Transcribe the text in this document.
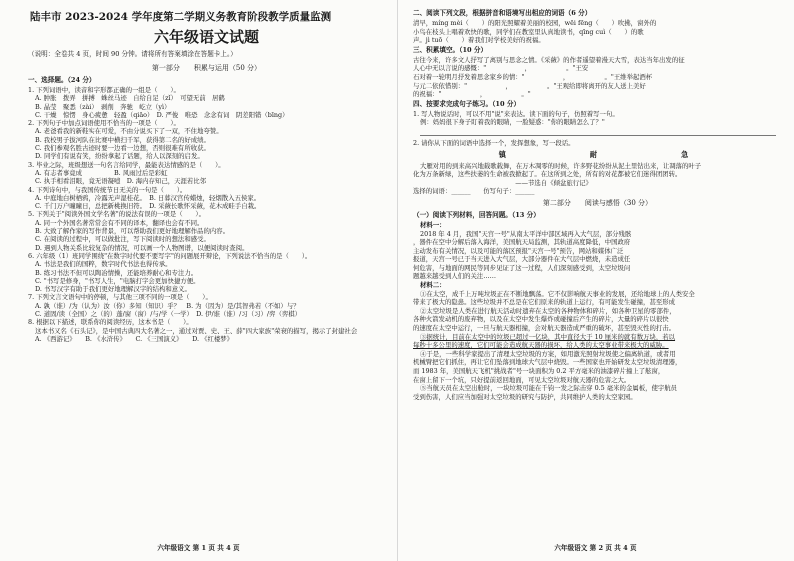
陆丰市 2023-2024 学年度第二学期义务教育阶段教学质量监测
六年级语文试题
（说明：全卷共 4 页，时间 90 分钟。请将所有答案填涂在答题卡上。）
第一部分　　积累与运用（50 分）
一、选择题。（24 分）
1. 下列词语中，读音和字形都正确的一组是（　　）。
A. 肿胀　拨弄　拼搏　蛛丝马迹　自给自足（zǐ）　可望无前　居鹤
B. 晶莹　聚悉（zài）　剥削　奔驰　屹立（yì）
C. 干燥　惊愣　身心疲惫　轻盈（qiāo）　D. 严俊　唯恐　念念有词　阴差阳错（bīng）
2. 下列句子中加点词语使用不恰当的一项是（　　）。
A. 老爸看我的新鞋实在可爱，不由分说买下了一双，不住地夸赞。
B. 我校男子拔河队在比赛中横扫千军，获得第二名的好成绩。
C. 我们参观名胜古迹时要一边看一边想，否则很难有所收获。
D. 同学们有说有笑，纷纷拿起了话题，给人以深刻的启发。
3. 毕业之际，班级想送一句名言给同学，最能表达情感的是（　　）。
A. 有志者事竟成　　　　　B. 风雨过后是彩虹
C. 执手相看泪眼，竟无语凝噎　D. 海内存知己，天涯若比邻
4. 下列诗句中，与我国传统节日无关的一句是（　　）。
A. 中庭地白树栖鸦，冷露无声湿桂花。　B. 日暮汉宫传蜡烛，轻烟散入五侯家。
C. 千门万户曈曈日，总把新桃换旧符。　D. 采薇长歌怀采薇，花木成畦手自栽。
5. 下列关于"阅读外国文学名著"的说法有误的一项是（　　）。
A. 同一个外国名著常常会有不同的译本，翻译也会有不同。
B. 大致了解作家的写作背景，可以帮助我们更好地理解作品的内容。
C. 在阅读的过程中，可以做批注，写下阅读时的想法和感受。
D. 遇到人物关系比较复杂的情况，可以画一个人物图谱，以便阅读时查阅。
6. 六年级（1）班同学围绕"在数字时代要不要写字"的问题展开辩论，下列说法不恰当的是（　　）。
A. 书法是我们的国粹，数字时代书法也得传承。
B. 练习书法不但可以陶冶情操，还能培养耐心和专注力。
C. "书写是修身，"书写人生，"电脑打字会更加快捷方便。
D. 书写汉字有助于我们更好地理解汉字的结构和意义。
7. 下列文言文语句中的停顿，与其他三项不同的一项是（　　）。
A. 孰（谁）/为（认为）汝（你）多知（知识）乎？　B. 为（因为）是/其智弗若（不如）与？
C. 道固/读（全国）之（的）蓬/窗（窗）/与/学（一学）　D. 伊/谁（谁）/习（习）/弈（弈棋）
8. 根据以下描述，联系你的阅读经历，这本书是（　　）。
这本书又名《石头记》，是中国古典四大名著之一，通过对贾、史、王、薛"四大家族"荣衰的描写，揭示了封建社会
A. 《西游记》　　B. 《水浒传》　　C. 《三国演义》　　D. 《红楼梦》
六年级语文 第 1 页 共 4 页
二、阅读下列文段，根据拼音和语境写出相应的词语（6 分）
清早，míng mèi（　　）的阳光照耀着美丽的校园，wēi fēng（　　）吹拂，窗外的
小鸟在枝头上唱着欢快的歌，同学们在教室里认真地读书，qīng cuì（　　）的歌
声。jì tuō（　　）着我们对学校美好的祝福。
三、积累填空。（10 分）
古往今来，许多文人抒写了离别与思念之情。《采薇》的作者遥望着漫天大雪，表达当年出发的征
人心中无以言说的感慨："　　　　　　，　　　　　　。"王安
石对着一轮明月抒发着思念家乡的情："　　　　　　，　　　　　　。"王维举起酒杯
与元二依依惜别："　　　　　　，　　　　　　。"王观给即将离开的友人送上美好
的祝福："　　　　　　，　　　　　　。"
四、按要求完成句子练习。（10 分）
1. 写人物说话时，可以不用"说"来表达。读下面的句子，仿照着写一句。
例：妈妈很下身子盯着我的眼睛，一脸疑惑："你的眼睛怎么了？"
2. 请你从下面的词语中选择一个，发挥想象，写一段话。
镇　　　　　耐　　　　　急
大雁对用的到来高兴地载歌载舞，在万木凋零的时候，许多野花纷纷从泥土里钻出来，让凋落的叶子
化为万条新绿，这些扶萎的生命被我掀起了。在这所到之处，所有的对花都被它们迷得团团转。
　　　　　　　　　　　　　　　　——节选自《倾盆旅行记》
选择的词语：______　　仿写句子：______
第二部分　　阅读与感悟（30 分）
（一）阅读下列材料，回答问题。（13 分）
材料一：
2018 年 4 月，我国"天宫一号"从南太平洋中部区域再入大气层，部分残骸
，器件在空中分解后落入海洋，美国航天局监测，其轨道高度降低，中国政府
主动发布有关情况，以及可能的落区预报"天宫一号"预告，网站和媒体广泛
报道，天宫一号已于当天进入大气层，大部分器件在大气层中燃烧，未造成任
何危害，与地面的网民等同步见证了这一过程，人们深刻感受到，太空垃圾问
题越来越受到人们的关注……
材料二：
①在太空，成千上万吨垃圾正在不断地飘荡。它不仅影响航天事业的发展，还给地球上的人类安全
带来了极大的隐患。这些垃圾并不总是在它们原来的轨道上运行，有可能发生碰撞，甚至形成
②太空垃圾是人类在进行航天活动时遗弃在太空的各种物体和碎片，如各种卫星的零部件，
各种火箭发动机的废弃物，以及在太空中发生爆炸或碰撞后产生的碎片，大量的碎片以很快
的速度在太空中运行，一旦与航天器相撞，会对航天器造成严重的破坏，甚至毁灭性的打击。
③据统计，目前在太空中的垃圾已超过一亿块，其中直径大于 10 厘米的就有数万块，若以
每秒十多公里的速度，它们可能会造成航天器的损坏，给人类的太空事业带来极大的威胁。
④于是，一些科学家提出了清理太空垃圾的方案，如用激光照射垃圾使之偏离轨道，或者用
机械臂把它们抓住，再让它们坠落到地球大气层中烧毁。一些国家也开始研发太空垃圾清理器，
而 1983 年，美国航天飞机"挑战者"号一块面积为 0.2 平方毫米的油漆碎片撞上了舷窗，
在窗上留下一个坑，只好提前返回地面，可见太空垃圾对航天器的危害之大。
⑤当航天员在太空出舱时，一块垃圾可能在千钧一发之际击穿 0.5 毫米的金属板，使宇航员
受到伤害，人们应当加强对太空垃圾的研究与防护，共同维护人类的太空家园。
六年级语文 第 2 页 共 4 页
